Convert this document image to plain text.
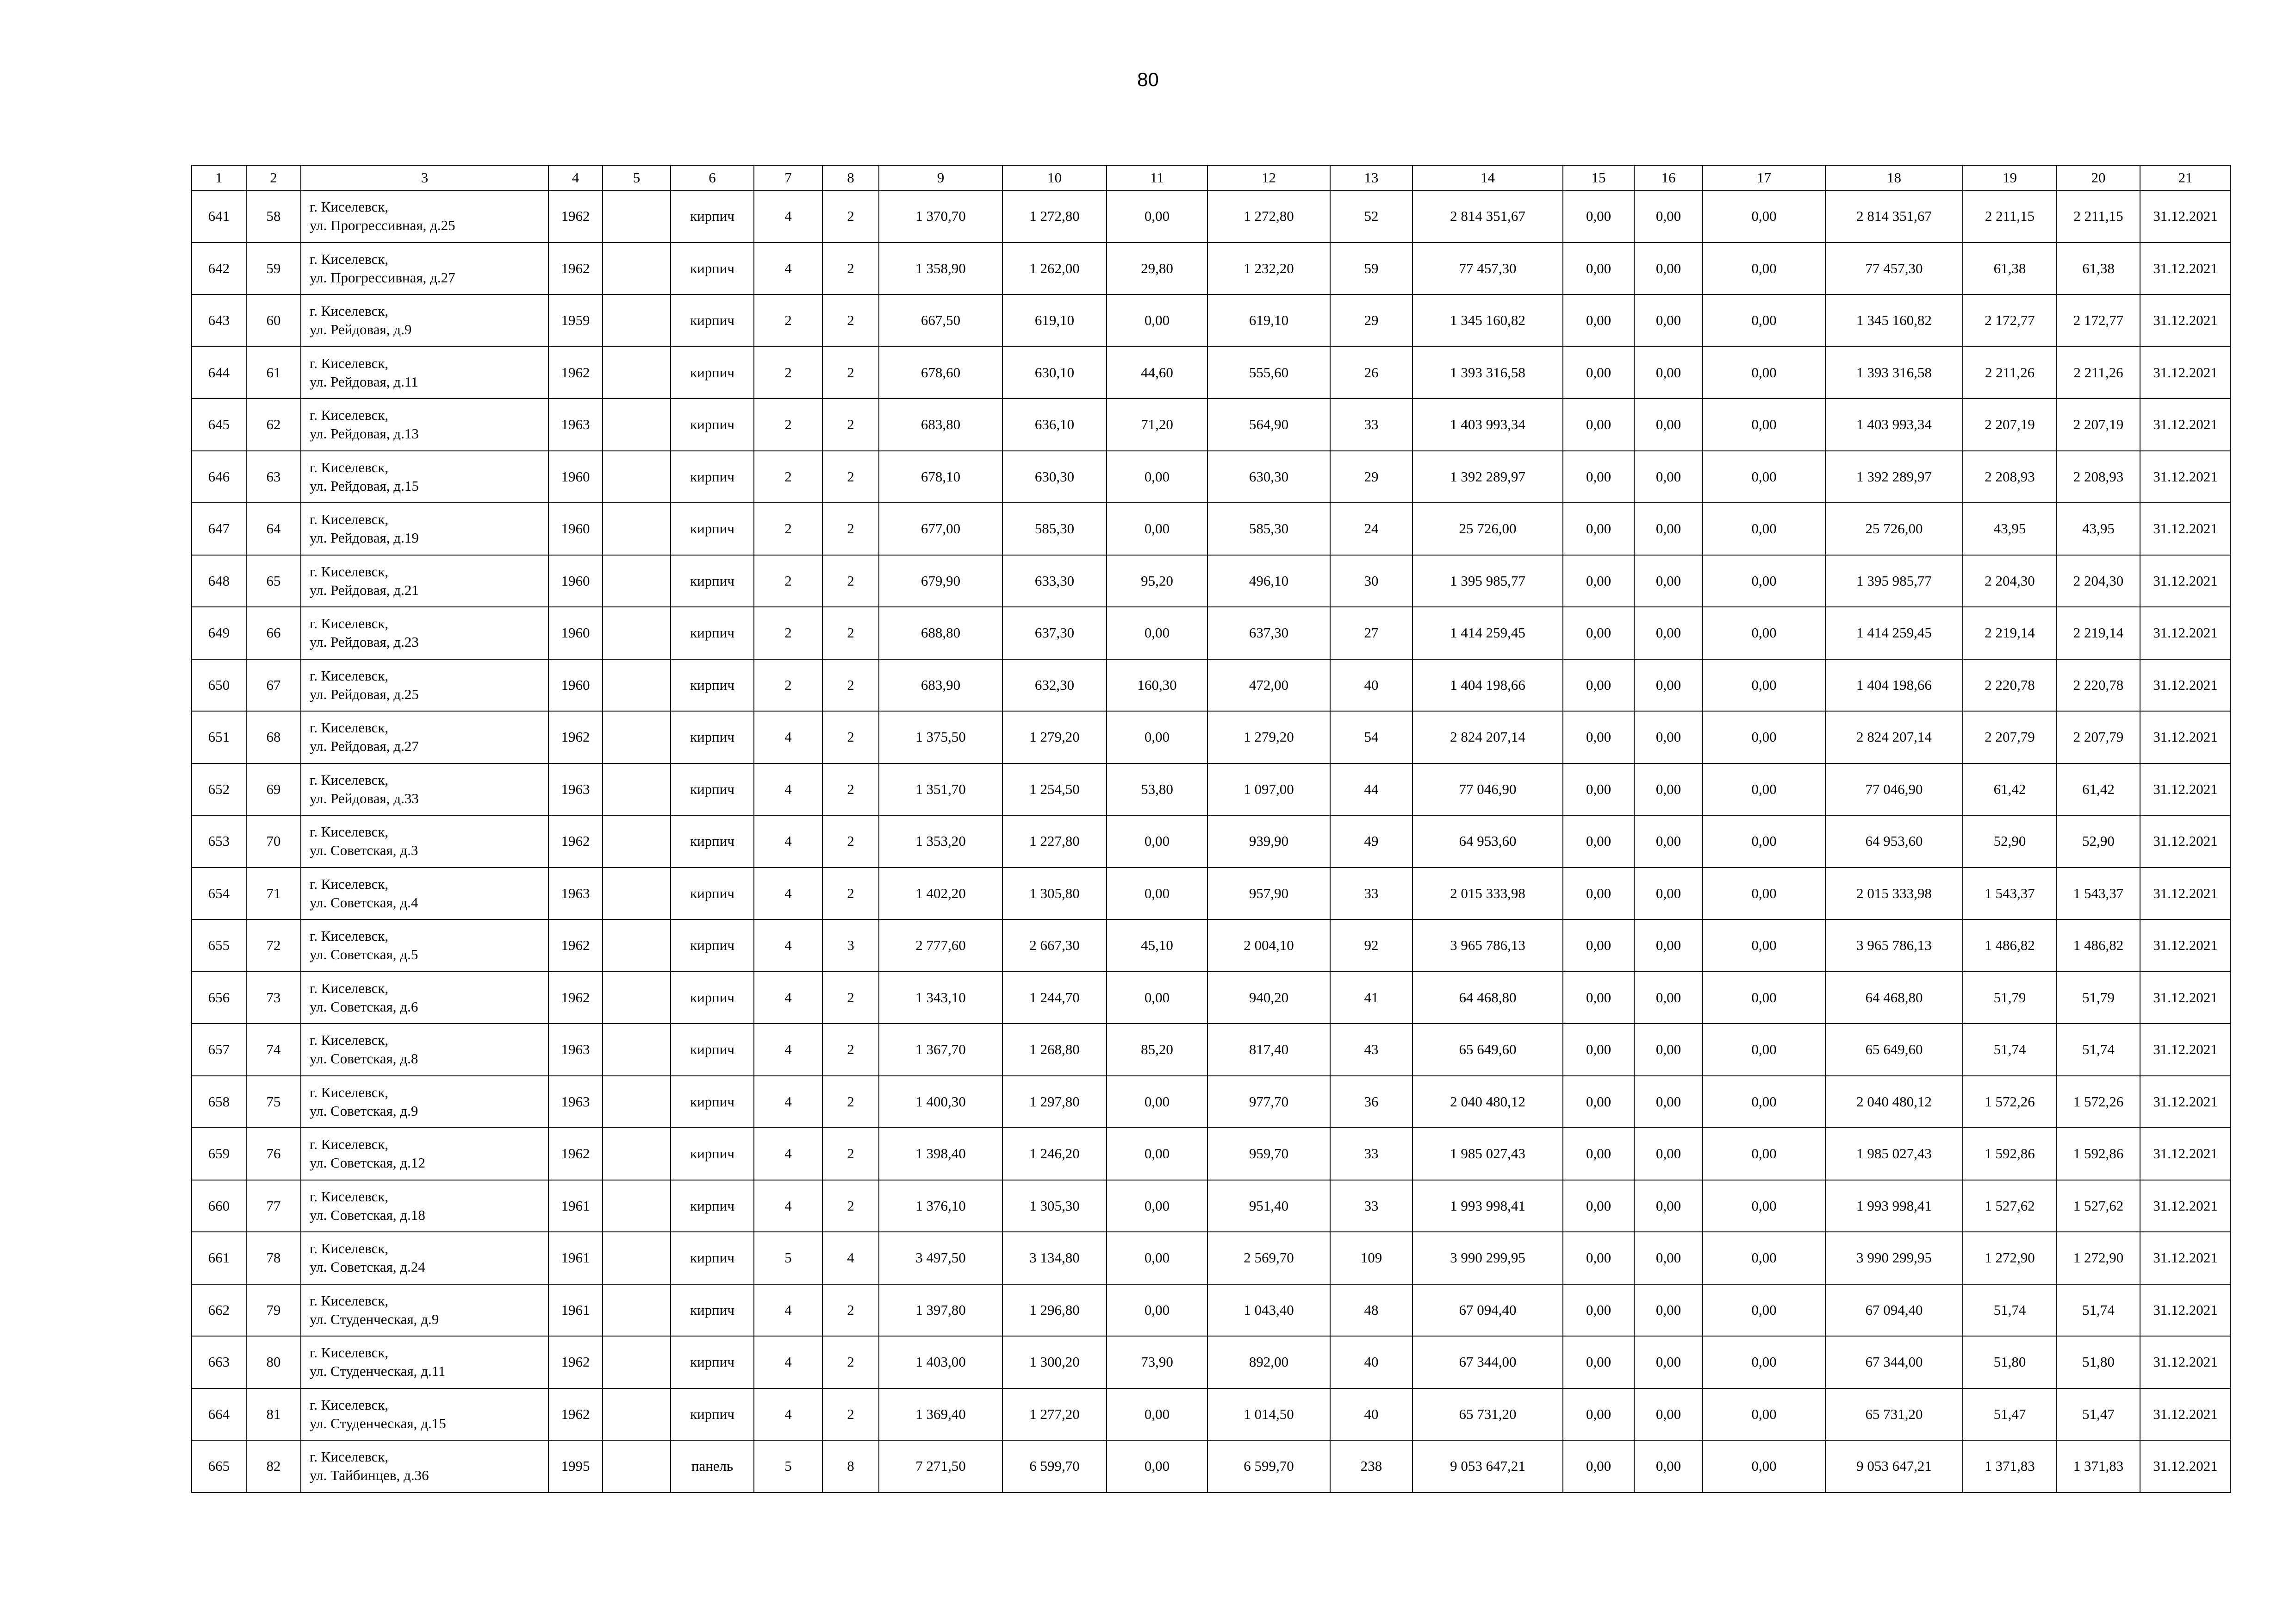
80
1	2	3	4	5	6	7	8	9	10	11	12	13	14	15	16	17	18	19	20	21
641	58	г. Киселевск,
ул. Прогрессивная, д.25	1962		кирпич	4	2	1 370,70	1 272,80	0,00	1 272,80	52	2 814 351,67	0,00	0,00	0,00	2 814 351,67	2 211,15	2 211,15	31.12.2021
642	59	г. Киселевск,
ул. Прогрессивная, д.27	1962		кирпич	4	2	1 358,90	1 262,00	29,80	1 232,20	59	77 457,30	0,00	0,00	0,00	77 457,30	61,38	61,38	31.12.2021
643	60	г. Киселевск,
ул. Рейдовая, д.9	1959		кирпич	2	2	667,50	619,10	0,00	619,10	29	1 345 160,82	0,00	0,00	0,00	1 345 160,82	2 172,77	2 172,77	31.12.2021
644	61	г. Киселевск,
ул. Рейдовая, д.11	1962		кирпич	2	2	678,60	630,10	44,60	555,60	26	1 393 316,58	0,00	0,00	0,00	1 393 316,58	2 211,26	2 211,26	31.12.2021
645	62	г. Киселевск,
ул. Рейдовая, д.13	1963		кирпич	2	2	683,80	636,10	71,20	564,90	33	1 403 993,34	0,00	0,00	0,00	1 403 993,34	2 207,19	2 207,19	31.12.2021
646	63	г. Киселевск,
ул. Рейдовая, д.15	1960		кирпич	2	2	678,10	630,30	0,00	630,30	29	1 392 289,97	0,00	0,00	0,00	1 392 289,97	2 208,93	2 208,93	31.12.2021
647	64	г. Киселевск,
ул. Рейдовая, д.19	1960		кирпич	2	2	677,00	585,30	0,00	585,30	24	25 726,00	0,00	0,00	0,00	25 726,00	43,95	43,95	31.12.2021
648	65	г. Киселевск,
ул. Рейдовая, д.21	1960		кирпич	2	2	679,90	633,30	95,20	496,10	30	1 395 985,77	0,00	0,00	0,00	1 395 985,77	2 204,30	2 204,30	31.12.2021
649	66	г. Киселевск,
ул. Рейдовая, д.23	1960		кирпич	2	2	688,80	637,30	0,00	637,30	27	1 414 259,45	0,00	0,00	0,00	1 414 259,45	2 219,14	2 219,14	31.12.2021
650	67	г. Киселевск,
ул. Рейдовая, д.25	1960		кирпич	2	2	683,90	632,30	160,30	472,00	40	1 404 198,66	0,00	0,00	0,00	1 404 198,66	2 220,78	2 220,78	31.12.2021
651	68	г. Киселевск,
ул. Рейдовая, д.27	1962		кирпич	4	2	1 375,50	1 279,20	0,00	1 279,20	54	2 824 207,14	0,00	0,00	0,00	2 824 207,14	2 207,79	2 207,79	31.12.2021
652	69	г. Киселевск,
ул. Рейдовая, д.33	1963		кирпич	4	2	1 351,70	1 254,50	53,80	1 097,00	44	77 046,90	0,00	0,00	0,00	77 046,90	61,42	61,42	31.12.2021
653	70	г. Киселевск,
ул. Советская, д.3	1962		кирпич	4	2	1 353,20	1 227,80	0,00	939,90	49	64 953,60	0,00	0,00	0,00	64 953,60	52,90	52,90	31.12.2021
654	71	г. Киселевск,
ул. Советская, д.4	1963		кирпич	4	2	1 402,20	1 305,80	0,00	957,90	33	2 015 333,98	0,00	0,00	0,00	2 015 333,98	1 543,37	1 543,37	31.12.2021
655	72	г. Киселевск,
ул. Советская, д.5	1962		кирпич	4	3	2 777,60	2 667,30	45,10	2 004,10	92	3 965 786,13	0,00	0,00	0,00	3 965 786,13	1 486,82	1 486,82	31.12.2021
656	73	г. Киселевск,
ул. Советская, д.6	1962		кирпич	4	2	1 343,10	1 244,70	0,00	940,20	41	64 468,80	0,00	0,00	0,00	64 468,80	51,79	51,79	31.12.2021
657	74	г. Киселевск,
ул. Советская, д.8	1963		кирпич	4	2	1 367,70	1 268,80	85,20	817,40	43	65 649,60	0,00	0,00	0,00	65 649,60	51,74	51,74	31.12.2021
658	75	г. Киселевск,
ул. Советская, д.9	1963		кирпич	4	2	1 400,30	1 297,80	0,00	977,70	36	2 040 480,12	0,00	0,00	0,00	2 040 480,12	1 572,26	1 572,26	31.12.2021
659	76	г. Киселевск,
ул. Советская, д.12	1962		кирпич	4	2	1 398,40	1 246,20	0,00	959,70	33	1 985 027,43	0,00	0,00	0,00	1 985 027,43	1 592,86	1 592,86	31.12.2021
660	77	г. Киселевск,
ул. Советская, д.18	1961		кирпич	4	2	1 376,10	1 305,30	0,00	951,40	33	1 993 998,41	0,00	0,00	0,00	1 993 998,41	1 527,62	1 527,62	31.12.2021
661	78	г. Киселевск,
ул. Советская, д.24	1961		кирпич	5	4	3 497,50	3 134,80	0,00	2 569,70	109	3 990 299,95	0,00	0,00	0,00	3 990 299,95	1 272,90	1 272,90	31.12.2021
662	79	г. Киселевск,
ул. Студенческая, д.9	1961		кирпич	4	2	1 397,80	1 296,80	0,00	1 043,40	48	67 094,40	0,00	0,00	0,00	67 094,40	51,74	51,74	31.12.2021
663	80	г. Киселевск,
ул. Студенческая, д.11	1962		кирпич	4	2	1 403,00	1 300,20	73,90	892,00	40	67 344,00	0,00	0,00	0,00	67 344,00	51,80	51,80	31.12.2021
664	81	г. Киселевск,
ул. Студенческая, д.15	1962		кирпич	4	2	1 369,40	1 277,20	0,00	1 014,50	40	65 731,20	0,00	0,00	0,00	65 731,20	51,47	51,47	31.12.2021
665	82	г. Киселевск,
ул. Тайбинцев, д.36	1995		панель	5	8	7 271,50	6 599,70	0,00	6 599,70	238	9 053 647,21	0,00	0,00	0,00	9 053 647,21	1 371,83	1 371,83	31.12.2021
